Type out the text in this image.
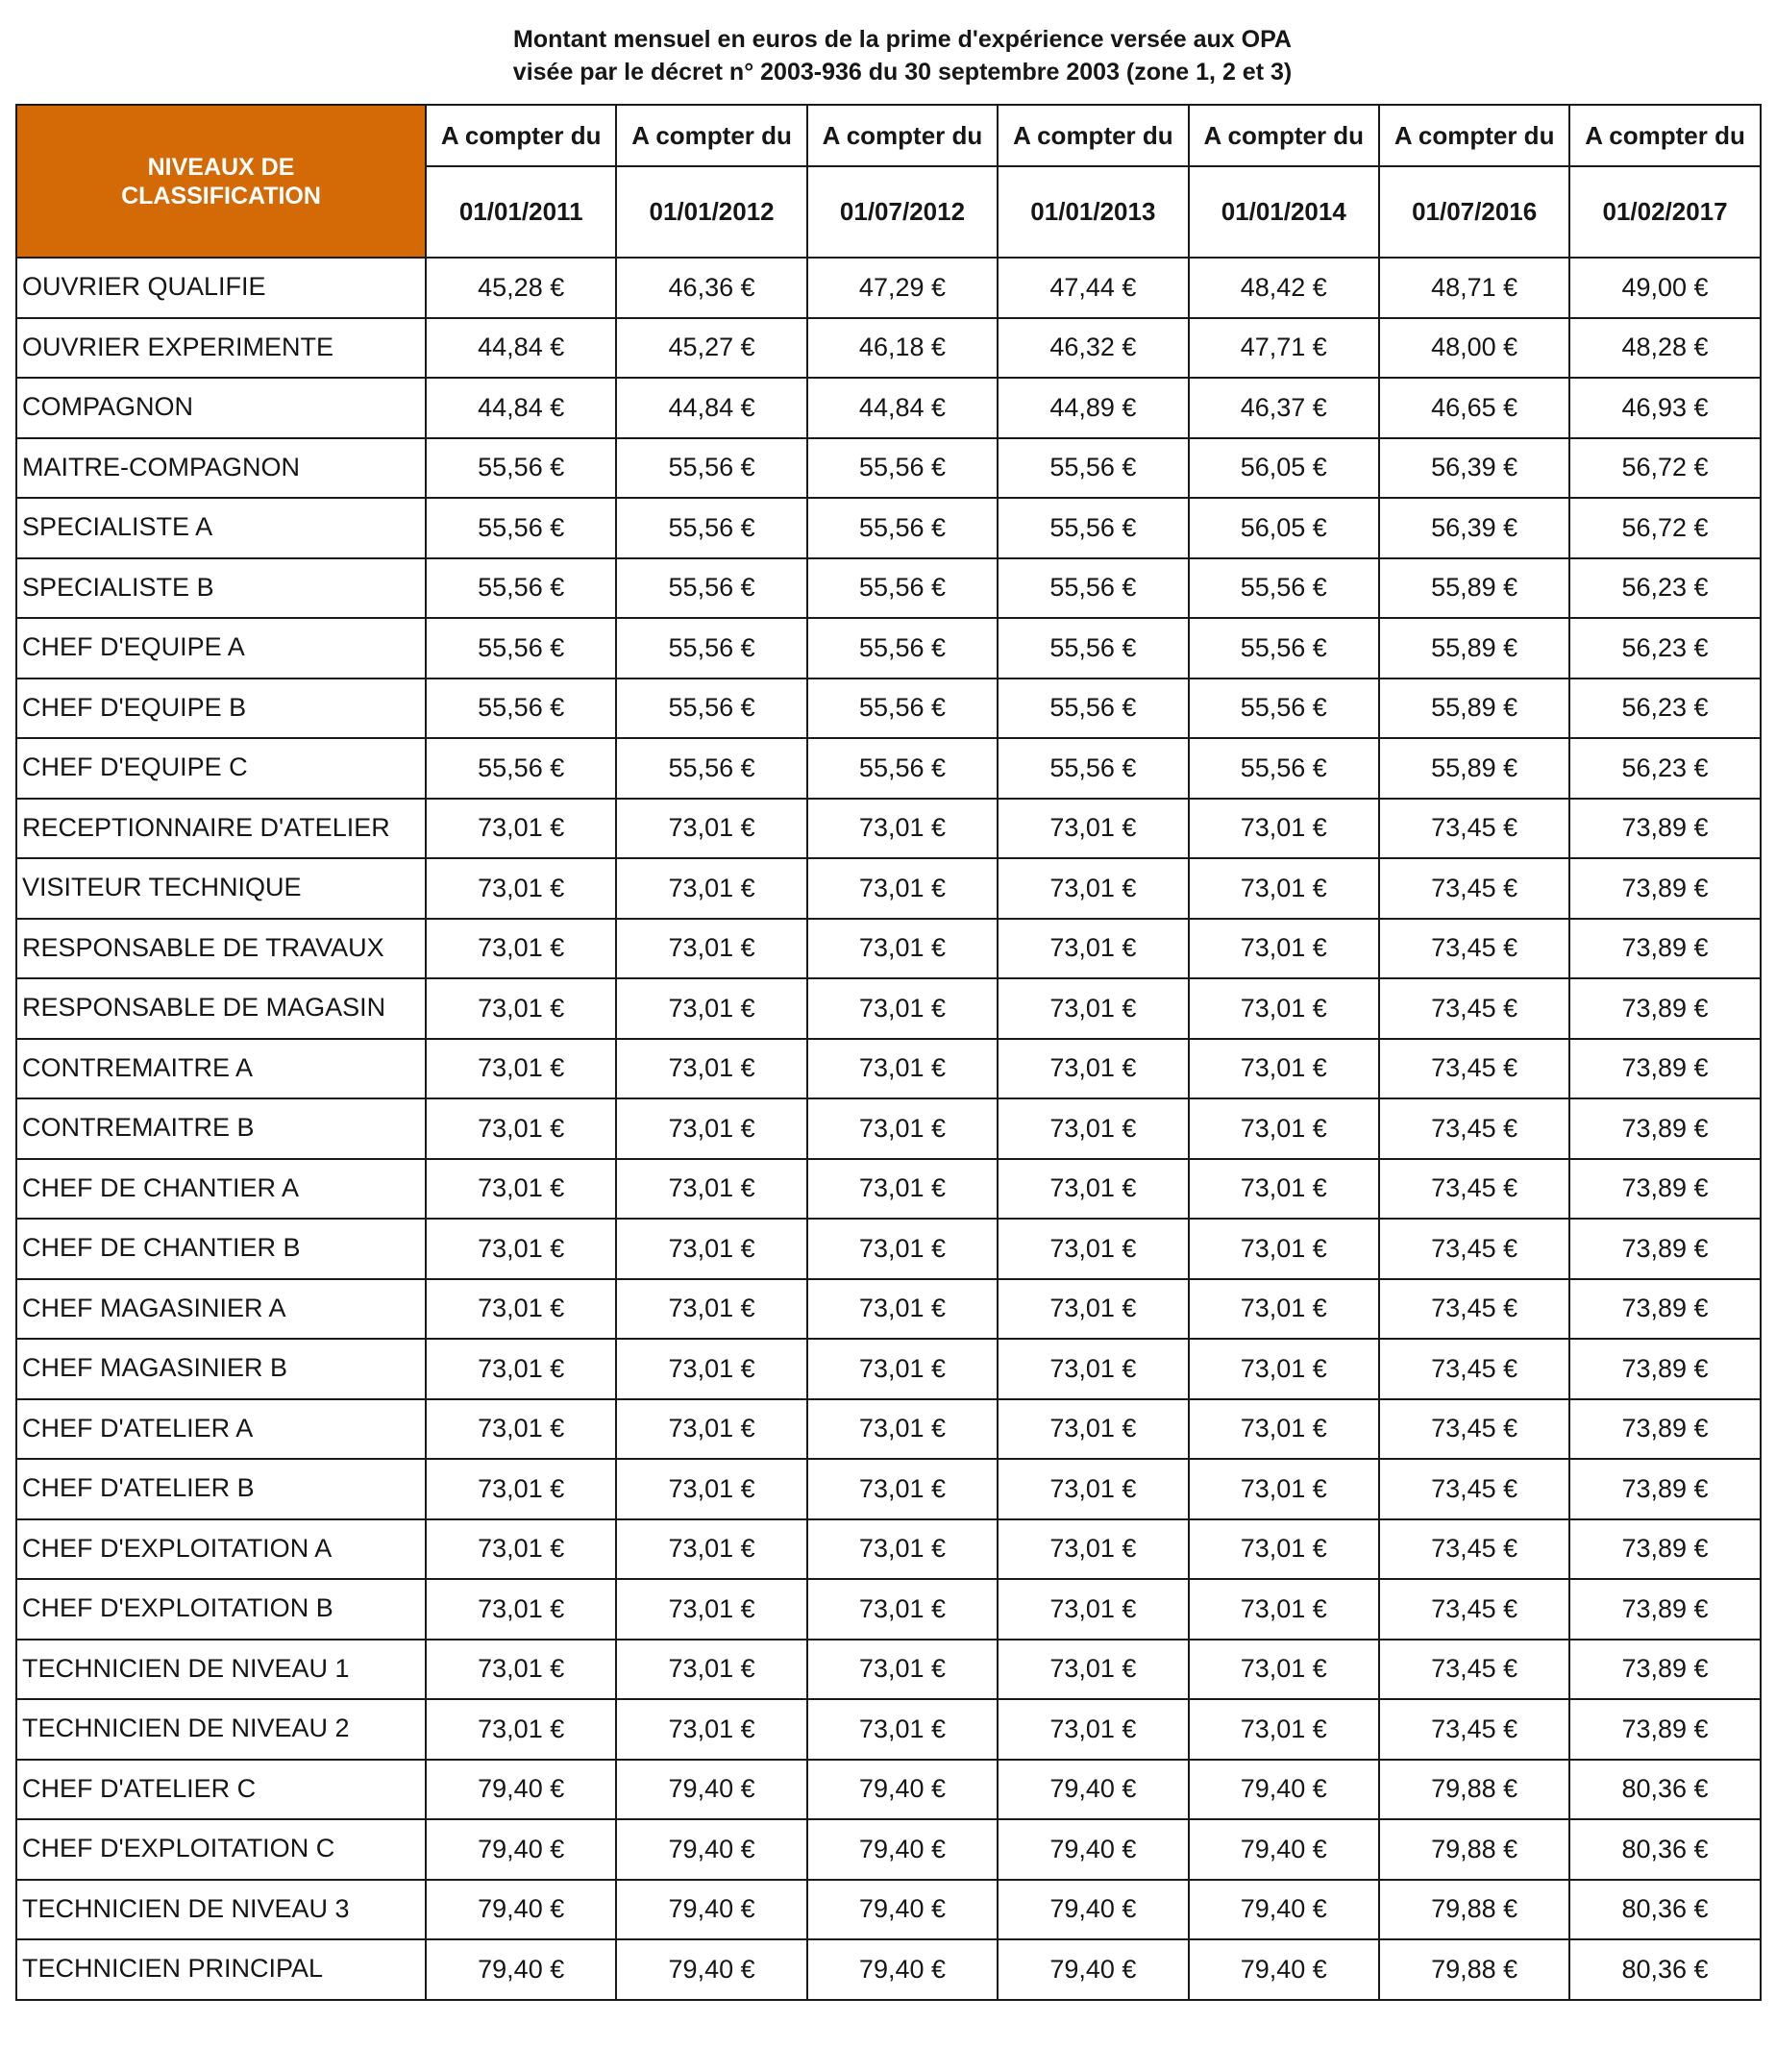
Montant mensuel en euros de la prime d'expérience versée aux OPA
visée par le décret n° 2003-936 du 30 septembre 2003 (zone 1, 2 et 3)
NIVEAUX DE
CLASSIFICATION	A compter du	A compter du	A compter du	A compter du	A compter du	A compter du	A compter du
	01/01/2011	01/01/2012	01/07/2012	01/01/2013	01/01/2014	01/07/2016	01/02/2017
OUVRIER QUALIFIE	45,28 €	46,36 €	47,29 €	47,44 €	48,42 €	48,71 €	49,00 €
OUVRIER EXPERIMENTE	44,84 €	45,27 €	46,18 €	46,32 €	47,71 €	48,00 €	48,28 €
COMPAGNON	44,84 €	44,84 €	44,84 €	44,89 €	46,37 €	46,65 €	46,93 €
MAITRE-COMPAGNON	55,56 €	55,56 €	55,56 €	55,56 €	56,05 €	56,39 €	56,72 €
SPECIALISTE A	55,56 €	55,56 €	55,56 €	55,56 €	56,05 €	56,39 €	56,72 €
SPECIALISTE B	55,56 €	55,56 €	55,56 €	55,56 €	55,56 €	55,89 €	56,23 €
CHEF D'EQUIPE A	55,56 €	55,56 €	55,56 €	55,56 €	55,56 €	55,89 €	56,23 €
CHEF D'EQUIPE B	55,56 €	55,56 €	55,56 €	55,56 €	55,56 €	55,89 €	56,23 €
CHEF D'EQUIPE C	55,56 €	55,56 €	55,56 €	55,56 €	55,56 €	55,89 €	56,23 €
RECEPTIONNAIRE D'ATELIER	73,01 €	73,01 €	73,01 €	73,01 €	73,01 €	73,45 €	73,89 €
VISITEUR TECHNIQUE	73,01 €	73,01 €	73,01 €	73,01 €	73,01 €	73,45 €	73,89 €
RESPONSABLE DE TRAVAUX	73,01 €	73,01 €	73,01 €	73,01 €	73,01 €	73,45 €	73,89 €
RESPONSABLE DE MAGASIN	73,01 €	73,01 €	73,01 €	73,01 €	73,01 €	73,45 €	73,89 €
CONTREMAITRE A	73,01 €	73,01 €	73,01 €	73,01 €	73,01 €	73,45 €	73,89 €
CONTREMAITRE B	73,01 €	73,01 €	73,01 €	73,01 €	73,01 €	73,45 €	73,89 €
CHEF DE CHANTIER A	73,01 €	73,01 €	73,01 €	73,01 €	73,01 €	73,45 €	73,89 €
CHEF DE CHANTIER B	73,01 €	73,01 €	73,01 €	73,01 €	73,01 €	73,45 €	73,89 €
CHEF MAGASINIER A	73,01 €	73,01 €	73,01 €	73,01 €	73,01 €	73,45 €	73,89 €
CHEF MAGASINIER B	73,01 €	73,01 €	73,01 €	73,01 €	73,01 €	73,45 €	73,89 €
CHEF D'ATELIER A	73,01 €	73,01 €	73,01 €	73,01 €	73,01 €	73,45 €	73,89 €
CHEF D'ATELIER B	73,01 €	73,01 €	73,01 €	73,01 €	73,01 €	73,45 €	73,89 €
CHEF D'EXPLOITATION A	73,01 €	73,01 €	73,01 €	73,01 €	73,01 €	73,45 €	73,89 €
CHEF D'EXPLOITATION B	73,01 €	73,01 €	73,01 €	73,01 €	73,01 €	73,45 €	73,89 €
TECHNICIEN DE NIVEAU 1	73,01 €	73,01 €	73,01 €	73,01 €	73,01 €	73,45 €	73,89 €
TECHNICIEN DE NIVEAU 2	73,01 €	73,01 €	73,01 €	73,01 €	73,01 €	73,45 €	73,89 €
CHEF D'ATELIER C	79,40 €	79,40 €	79,40 €	79,40 €	79,40 €	79,88 €	80,36 €
CHEF D'EXPLOITATION C	79,40 €	79,40 €	79,40 €	79,40 €	79,40 €	79,88 €	80,36 €
TECHNICIEN DE NIVEAU 3	79,40 €	79,40 €	79,40 €	79,40 €	79,40 €	79,88 €	80,36 €
TECHNICIEN PRINCIPAL	79,40 €	79,40 €	79,40 €	79,40 €	79,40 €	79,88 €	80,36 €
